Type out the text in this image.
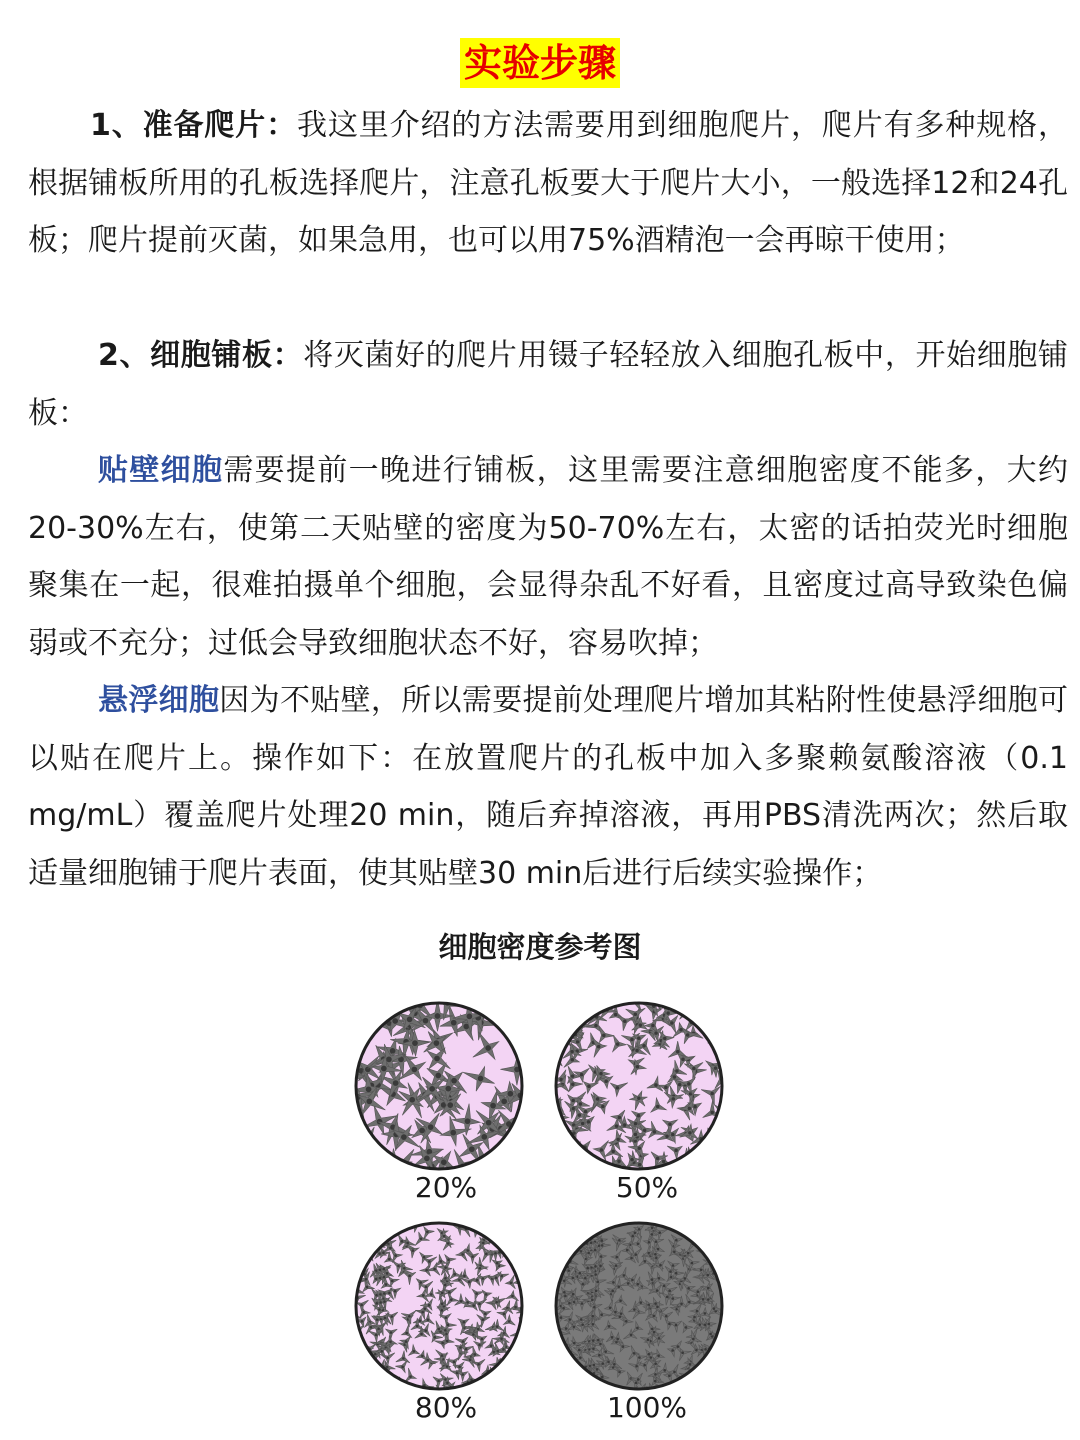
实验步骤

1、准备爬片：我这里介绍的方法需要用到细胞爬片，爬片有多种规格，根据铺板所用的孔板选择爬片，注意孔板要大于爬片大小，一般选择12和24孔板；爬片提前灭菌，如果急用，也可以用75%酒精泡一会再晾干使用；

2、细胞铺板：将灭菌好的爬片用镊子轻轻放入细胞孔板中，开始细胞铺板：

贴壁细胞需要提前一晚进行铺板，这里需要注意细胞密度不能多，大约20-30%左右，使第二天贴壁的密度为50-70%左右，太密的话拍荧光时细胞聚集在一起，很难拍摄单个细胞，会显得杂乱不好看，且密度过高导致染色偏弱或不充分；过低会导致细胞状态不好，容易吹掉；

悬浮细胞因为不贴壁，所以需要提前处理爬片增加其粘附性使悬浮细胞可以贴在爬片上。操作如下：在放置爬片的孔板中加入多聚赖氨酸溶液（0.1 mg/mL）覆盖爬片处理20 min，随后弃掉溶液，再用PBS清洗两次；然后取适量细胞铺于爬片表面，使其贴壁30 min后进行后续实验操作；

细胞密度参考图
20%	50%
80%	100%
